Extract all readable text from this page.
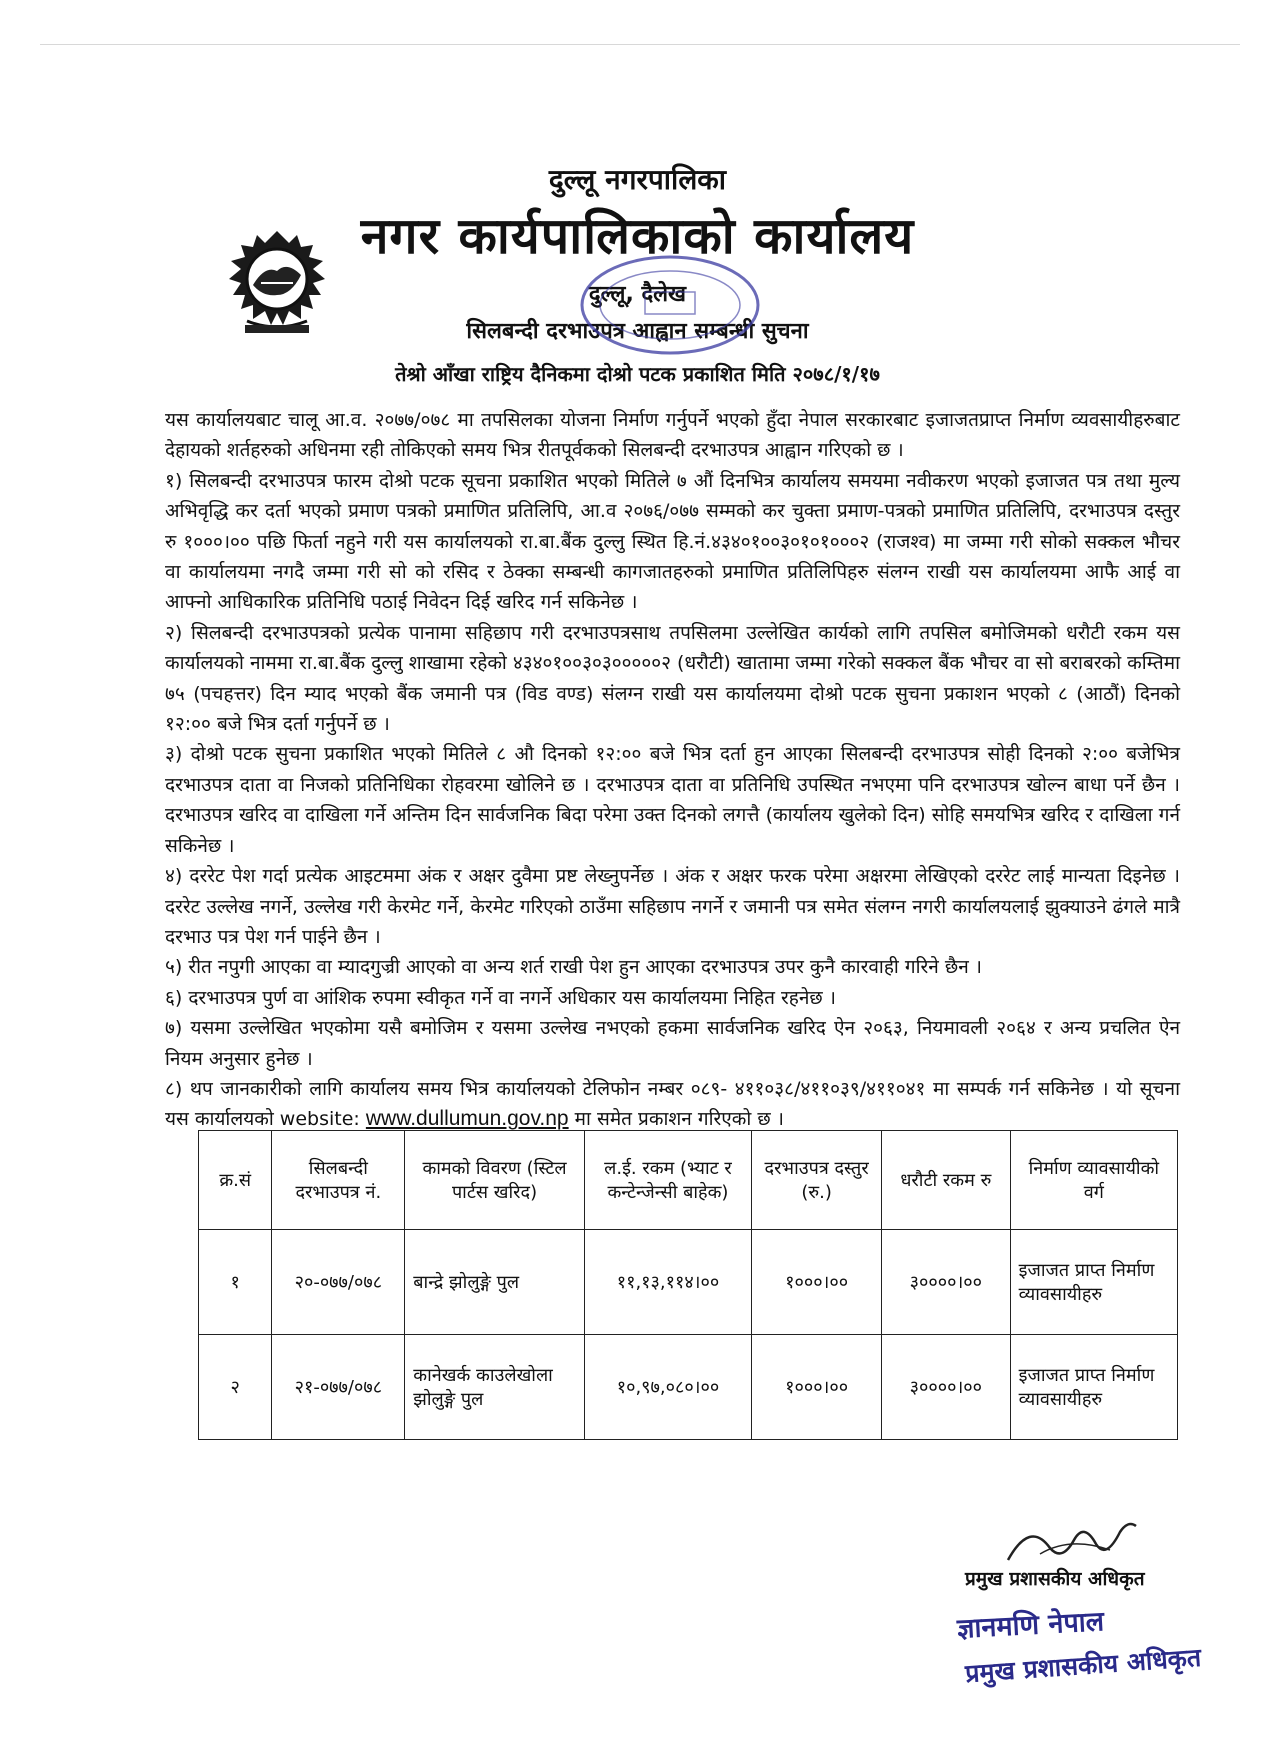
दुल्लू नगरपालिका
नगर कार्यपालिकाको कार्यालय
दुल्लू, दैलेख
सिलबन्दी दरभाउपत्र आह्वान सम्बन्धी सुचना
तेश्रो आँखा राष्ट्रिय दैनिकमा दोश्रो पटक प्रकाशित मिति २०७८/१/१७

यस कार्यालयबाट चालू आ.व. २०७७/०७८ मा तपसिलका योजना निर्माण गर्नुपर्ने भएको हुँदा नेपाल सरकारबाट इजाजतप्राप्त निर्माण व्यवसायीहरुबाट देहायको शर्तहरुको अधिनमा रही तोकिएको समय भित्र रीतपूर्वकको सिलबन्दी दरभाउपत्र आह्वान गरिएको छ ।

१) सिलबन्दी दरभाउपत्र फारम दोश्रो पटक सूचना प्रकाशित भएको मितिले ७ औं दिनभित्र कार्यालय समयमा नवीकरण भएको इजाजत पत्र तथा मुल्य अभिवृद्धि कर दर्ता भएको प्रमाण पत्रको प्रमाणित प्रतिलिपि, आ.व २०७६/०७७ सम्मको कर चुक्ता प्रमाण-पत्रको प्रमाणित प्रतिलिपि, दरभाउपत्र दस्तुर रु १०००।०० पछि फिर्ता नहुने गरी यस कार्यालयको रा.बा.बैंक दुल्लु स्थित हि.नं.४३४०१००३०१०१०००२ (राजश्व) मा जम्मा गरी सोको सक्कल भौचर वा कार्यालयमा नगदै जम्मा गरी सो को रसिद र ठेक्का सम्बन्धी कागजातहरुको प्रमाणित प्रतिलिपिहरु संलग्न राखी यस कार्यालयमा आफै आई वा आफ्नो आधिकारिक प्रतिनिधि पठाई निवेदन दिई खरिद गर्न सकिनेछ ।

२) सिलबन्दी दरभाउपत्रको प्रत्येक पानामा सहिछाप गरी दरभाउपत्रसाथ तपसिलमा उल्लेखित कार्यको लागि तपसिल बमोजिमको धरौटी रकम यस कार्यालयको नाममा रा.बा.बैंक दुल्लु शाखामा रहेको ४३४०१००३०३०००००२ (धरौटी) खातामा जम्मा गरेको सक्कल बैंक भौचर वा सो बराबरको कम्तिमा ७५ (पचहत्तर) दिन म्याद भएको बैंक जमानी पत्र (विड वण्ड) संलग्न राखी यस कार्यालयमा दोश्रो पटक सुचना प्रकाशन भएको ८ (आठौं) दिनको १२:०० बजे भित्र दर्ता गर्नुपर्ने छ ।

३) दोश्रो पटक सुचना प्रकाशित भएको मितिले ८ औ दिनको १२:०० बजे भित्र दर्ता हुन आएका सिलबन्दी दरभाउपत्र सोही दिनको २:०० बजेभित्र दरभाउपत्र दाता वा निजको प्रतिनिधिका रोहवरमा खोलिने छ । दरभाउपत्र दाता वा प्रतिनिधि उपस्थित नभएमा पनि दरभाउपत्र खोल्न बाधा पर्ने छैन । दरभाउपत्र खरिद वा दाखिला गर्ने अन्तिम दिन सार्वजनिक बिदा परेमा उक्त दिनको लगत्तै (कार्यालय खुलेको दिन) सोहि समयभित्र खरिद र दाखिला गर्न सकिनेछ ।

४) दररेट पेश गर्दा प्रत्येक आइटममा अंक र अक्षर दुवैमा प्रष्ट लेख्नुपर्नेछ । अंक र अक्षर फरक परेमा अक्षरमा लेखिएको दररेट लाई मान्यता दिइनेछ । दररेट उल्लेख नगर्ने, उल्लेख गरी केरमेट गर्ने, केरमेट गरिएको ठाउँमा सहिछाप नगर्ने र जमानी पत्र समेत संलग्न नगरी कार्यालयलाई झुक्याउने ढंगले मात्रै दरभाउ पत्र पेश गर्न पाईने छैन ।

५) रीत नपुगी आएका वा म्यादगुज्री आएको वा अन्य शर्त राखी पेश हुन आएका दरभाउपत्र उपर कुनै कारवाही गरिने छैन ।

६) दरभाउपत्र पुर्ण वा आंशिक रुपमा स्वीकृत गर्ने वा नगर्ने अधिकार यस कार्यालयमा निहित रहनेछ ।

७) यसमा उल्लेखित भएकोमा यसै बमोजिम र यसमा उल्लेख नभएको हकमा सार्वजनिक खरिद ऐन २०६३, नियमावली २०६४ र अन्य प्रचलित ऐन नियम अनुसार हुनेछ ।

८) थप जानकारीको लागि कार्यालय समय भित्र कार्यालयको टेलिफोन नम्बर ०८९- ४११०३८/४११०३९/४११०४१ मा सम्पर्क गर्न सकिनेछ । यो सूचना यस कार्यालयको website: www.dullumun.gov.np मा समेत प्रकाशन गरिएको छ ।

क्र.सं	सिलबन्दी दरभाउपत्र नं.	कामको विवरण (स्टिल पार्टस खरिद)	ल.ई. रकम (भ्याट र कन्टेन्जेन्सी बाहेक)	दरभाउपत्र दस्तुर (रु.)	धरौटी रकम रु	निर्माण व्यावसायीको वर्ग
१	२०-०७७/०७८	बान्द्रे झोलुङ्गे पुल	११,१३,११४।००	१०००।००	३००००।००	इजाजत प्राप्त निर्माण व्यावसायीहरु
२	२१-०७७/०७८	कानेखर्क काउलेखोला झोलुङ्गे पुल	१०,९७,०८०।००	१०००।००	३००००।००	इजाजत प्राप्त निर्माण व्यावसायीहरु
प्रमुख प्रशासकीय अधिकृत
ज्ञानमणि नेपाल
प्रमुख प्रशासकीय अधिकृत
